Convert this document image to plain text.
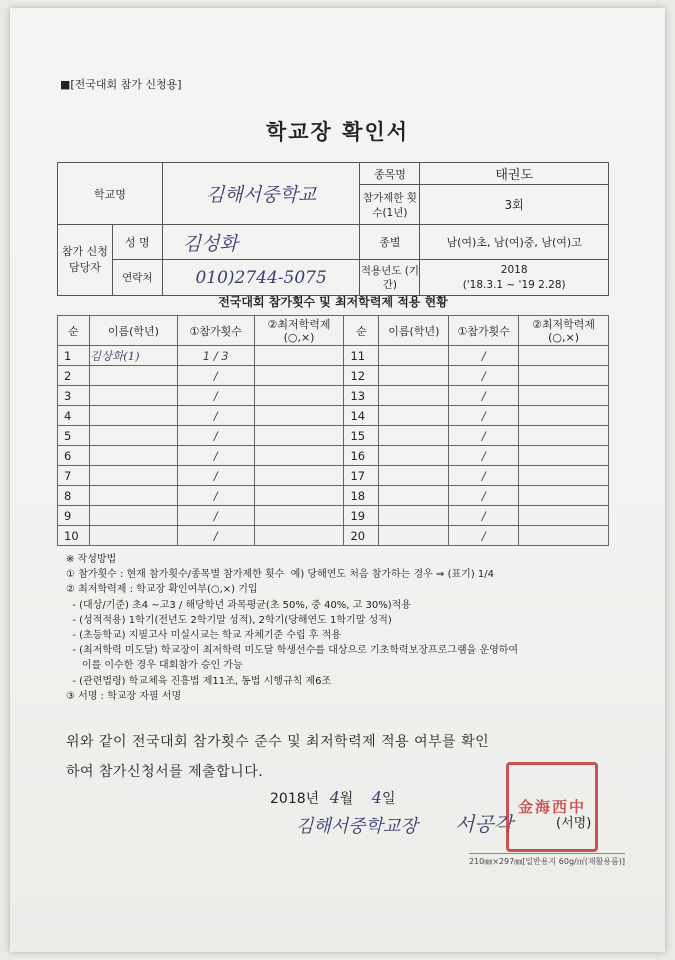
■[전국대회 참가 신청용]
학교장 확인서
학교명		김해서중학교	종목명	태권도
			참가제한 횟수(1년)	3회
참가 신청 담당자	성 명	김성화	종별	남(여)초, 남(여)중, 남(여)고
	연락처	010)2744-5075	적용년도 (기간)	2018
('18.3.1 ~ '19 2.28)
전국대회 참가횟수 및 최저학력제 적용 현황
순	이름(학년)	①참가횟수	②최저학력제 (○,×)	순	이름(학년)	①참가횟수	②최저학력제 (○,×)
1	김상화(1)	1 / 3		11		/	
2		/		12		/	
3		/		13		/	
4		/		14		/	
5		/		15		/	
6		/		16		/	
7		/		17		/	
8		/		18		/	
9		/		19		/	
10		/		20		/	
※ 작성방법
① 참가횟수 : 현재 참가횟수/종목별 참가제한 횟수  예) 당해연도 처음 참가하는 경우 ⇒ (표기) 1/4
② 최저학력제 : 학교장 확인여부(○,×) 기입
- (대상/기준) 초4 ~고3 / 해당학년 과목평균(초 50%, 중 40%, 고 30%)적용
- (성적적용) 1학기(전년도 2학기말 성적), 2학기(당해연도 1학기말 성적)
- (초등학교) 지필고사 미실시교는 학교 자체기준 수립 후 적용
- (최저학력 미도달) 학교장이 최저학력 미도달 학생선수를 대상으로 기초학력보장프로그램을 운영하여
이를 이수한 경우 대회참가 승인 가능
- (관련법령) 학교체육 진흥법 제11조, 동법 시행규칙 제6조
③ 서명 : 학교장 자필 서명
위와 같이 전국대회 참가횟수 준수 및 최저학력제 적용 여부를 확인
하여 참가신청서를 제출합니다.
2018년 4월 4일
김해서중학교장 서공각
金海 西中
(서명)
210㎜×297㎜[일반용지 60g/㎡(재활용품)]
